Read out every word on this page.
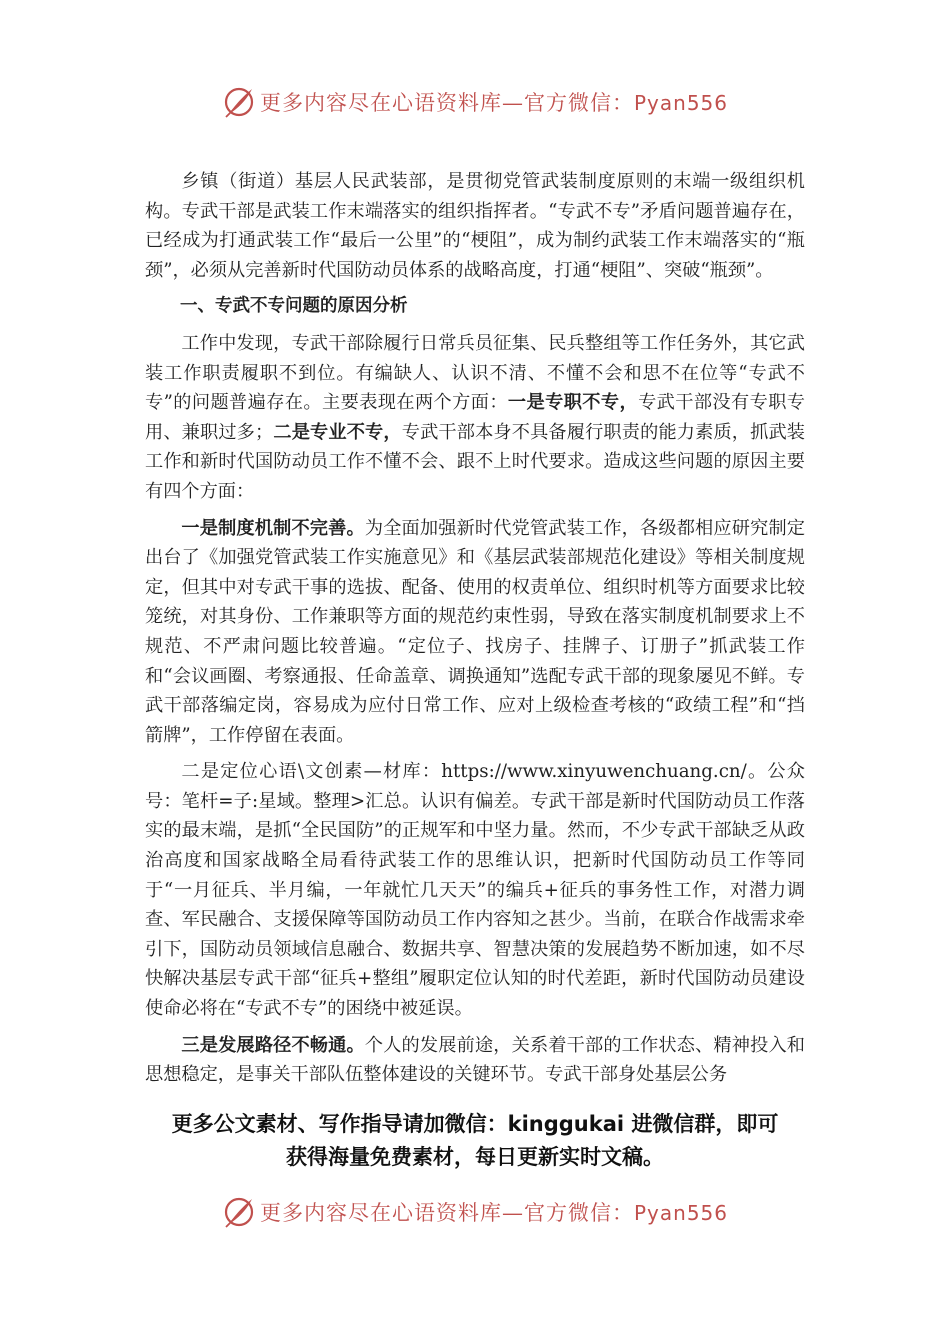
更多内容尽在心语资料库—官方微信：Pyan556

乡镇（街道）基层人民武装部，是贯彻党管武装制度原则的末端一级组织机构。专武干部是武装工作末端落实的组织指挥者。“专武不专”矛盾问题普遍存在，已经成为打通武装工作“最后一公里”的“梗阻”，成为制约武装工作末端落实的“瓶颈”，必须从完善新时代国防动员体系的战略高度，打通“梗阻”、突破“瓶颈”。

一、专武不专问题的原因分析

工作中发现，专武干部除履行日常兵员征集、民兵整组等工作任务外，其它武装工作职责履职不到位。有编缺人、认识不清、不懂不会和思不在位等“专武不专”的问题普遍存在。主要表现在两个方面：一是专职不专，专武干部没有专职专用、兼职过多；二是专业不专，专武干部本身不具备履行职责的能力素质，抓武装工作和新时代国防动员工作不懂不会、跟不上时代要求。造成这些问题的原因主要有四个方面：

一是制度机制不完善。为全面加强新时代党管武装工作，各级都相应研究制定出台了《加强党管武装工作实施意见》和《基层武装部规范化建设》等相关制度规定，但其中对专武干事的选拔、配备、使用的权责单位、组织时机等方面要求比较笼统，对其身份、工作兼职等方面的规范约束性弱，导致在落实制度机制要求上不规范、不严肃问题比较普遍。“定位子、找房子、挂牌子、订册子”抓武装工作和“会议画圈、考察通报、任命盖章、调换通知”选配专武干部的现象屡见不鲜。专武干部落编定岗，容易成为应付日常工作、应对上级检查考核的“政绩工程”和“挡箭牌”，工作停留在表面。

二是定位心语\文创素—材库：https://www.xinyuwenchuang.cn/。公众号：笔杆=子:星域。整理>汇总。认识有偏差。专武干部是新时代国防动员工作落实的最末端，是抓“全民国防”的正规军和中坚力量。然而，不少专武干部缺乏从政治高度和国家战略全局看待武装工作的思维认识，把新时代国防动员工作等同于“一月征兵、半月编，一年就忙几天天”的编兵+征兵的事务性工作，对潜力调查、军民融合、支援保障等国防动员工作内容知之甚少。当前，在联合作战需求牵引下，国防动员领域信息融合、数据共享、智慧决策的发展趋势不断加速，如不尽快解决基层专武干部“征兵+整组”履职定位认知的时代差距，新时代国防动员建设使命必将在“专武不专”的困绕中被延误。

三是发展路径不畅通。个人的发展前途，关系着干部的工作状态、精神投入和思想稳定，是事关干部队伍整体建设的关键环节。专武干部身处基层公务

更多公文素材、写作指导请加微信：kinggukai 进微信群，即可
获得海量免费素材，每日更新实时文稿。
更多内容尽在心语资料库—官方微信：Pyan556
